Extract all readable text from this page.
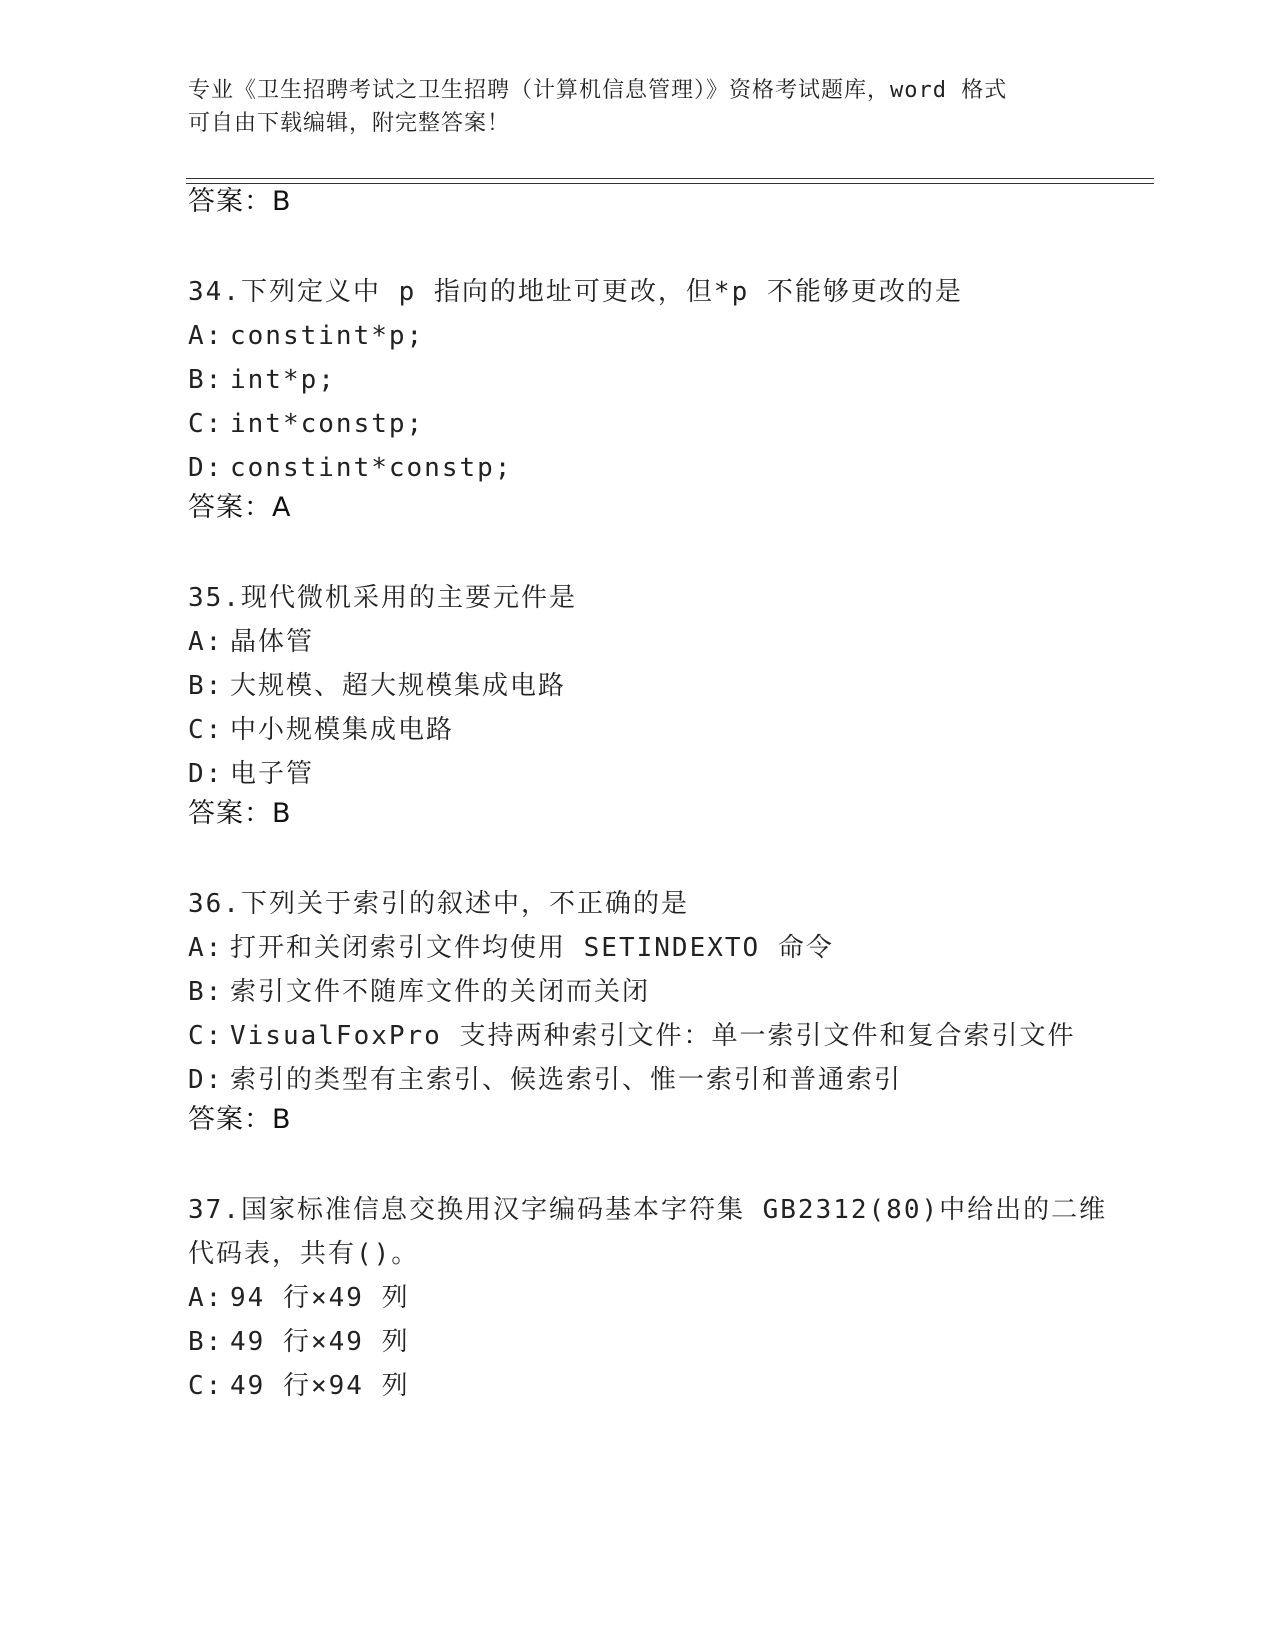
专业《卫生招聘考试之卫生招聘（计算机信息管理）》资格考试题库，word 格式
可自由下载编辑，附完整答案！
答案：B
34.下列定义中 p 指向的地址可更改，但*p 不能够更改的是
A: constint*p;
B: int*p;
C: int*constp;
D: constint*constp;
答案：A
35.现代微机采用的主要元件是
A: 晶体管
B: 大规模、超大规模集成电路
C: 中小规模集成电路
D: 电子管
答案：B
36.下列关于索引的叙述中，不正确的是
A: 打开和关闭索引文件均使用 SETINDEXTO 命令
B: 索引文件不随库文件的关闭而关闭
C: VisualFoxPro 支持两种索引文件：单一索引文件和复合索引文件
D: 索引的类型有主索引、候选索引、惟一索引和普通索引
答案：B
37.国家标准信息交换用汉字编码基本字符集 GB2312(80)中给出的二维
代码表，共有()。
A: 94 行×49 列
B: 49 行×49 列
C: 49 行×94 列
